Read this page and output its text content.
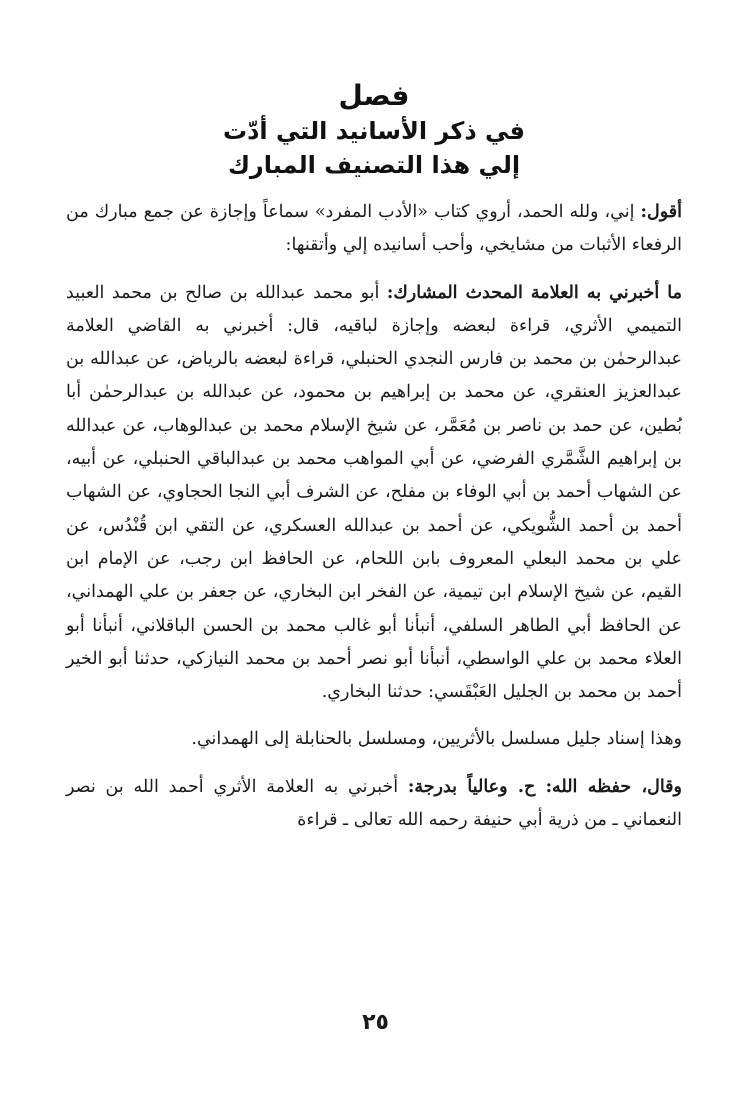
فصل
في ذكر الأسانيد التي أدّت
إلي هذا التصنيف المبارك

أقول: إني، ولله الحمد، أروي كتاب «الأدب المفرد» سماعاً وإجازة عن جمع مبارك من الرفعاء الأثبات من مشايخي، وأحب أسانيده إلي وأتقنها:

ما أخبرني به العلامة المحدث المشارك: أبو محمد عبدالله بن صالح بن محمد العبيد التميمي الأثري، قراءة لبعضه وإجازة لباقيه، قال: أخبرني به القاضي العلامة عبدالرحمٰن بن محمد بن فارس النجدي الحنبلي، قراءة لبعضه بالرياض، عن عبدالله بن عبدالعزيز العنقري، عن محمد بن إبراهيم بن محمود، عن عبدالله بن عبدالرحمٰن أبا بُطين، عن حمد بن ناصر بن مُعَمَّر، عن شيخ الإسلام محمد بن عبدالوهاب، عن عبدالله بن إبراهيم الشَّمَّري الفرضي، عن أبي المواهب محمد بن عبدالباقي الحنبلي، عن أبيه، عن الشهاب أحمد بن أبي الوفاء بن مفلح، عن الشرف أبي النجا الحجاوي، عن الشهاب أحمد بن أحمد الشُّويكي، عن أحمد بن عبدالله العسكري، عن التقي ابن قُنْدُس، عن علي بن محمد البعلي المعروف بابن اللحام، عن الحافظ ابن رجب، عن الإمام ابن القيم، عن شيخ الإسلام ابن تيمية، عن الفخر ابن البخاري، عن جعفر بن علي الهمداني، عن الحافظ أبي الطاهر السلفي، أنبأنا أبو غالب محمد بن الحسن الباقلاني، أنبأنا أبو العلاء محمد بن علي الواسطي، أنبأنا أبو نصر أحمد بن محمد النيازكي، حدثنا أبو الخير أحمد بن محمد بن الجليل العَبْقَسي: حدثنا البخاري.

وهذا إسناد جليل مسلسل بالأثريين، ومسلسل بالحنابلة إلى الهمداني.

وقال، حفظه الله: ح. وعالياً بدرجة: أخبرني به العلامة الأثري أحمد الله بن نصر النعماني ـ من ذرية أبي حنيفة رحمه الله تعالى ـ قراءة

٢٥
